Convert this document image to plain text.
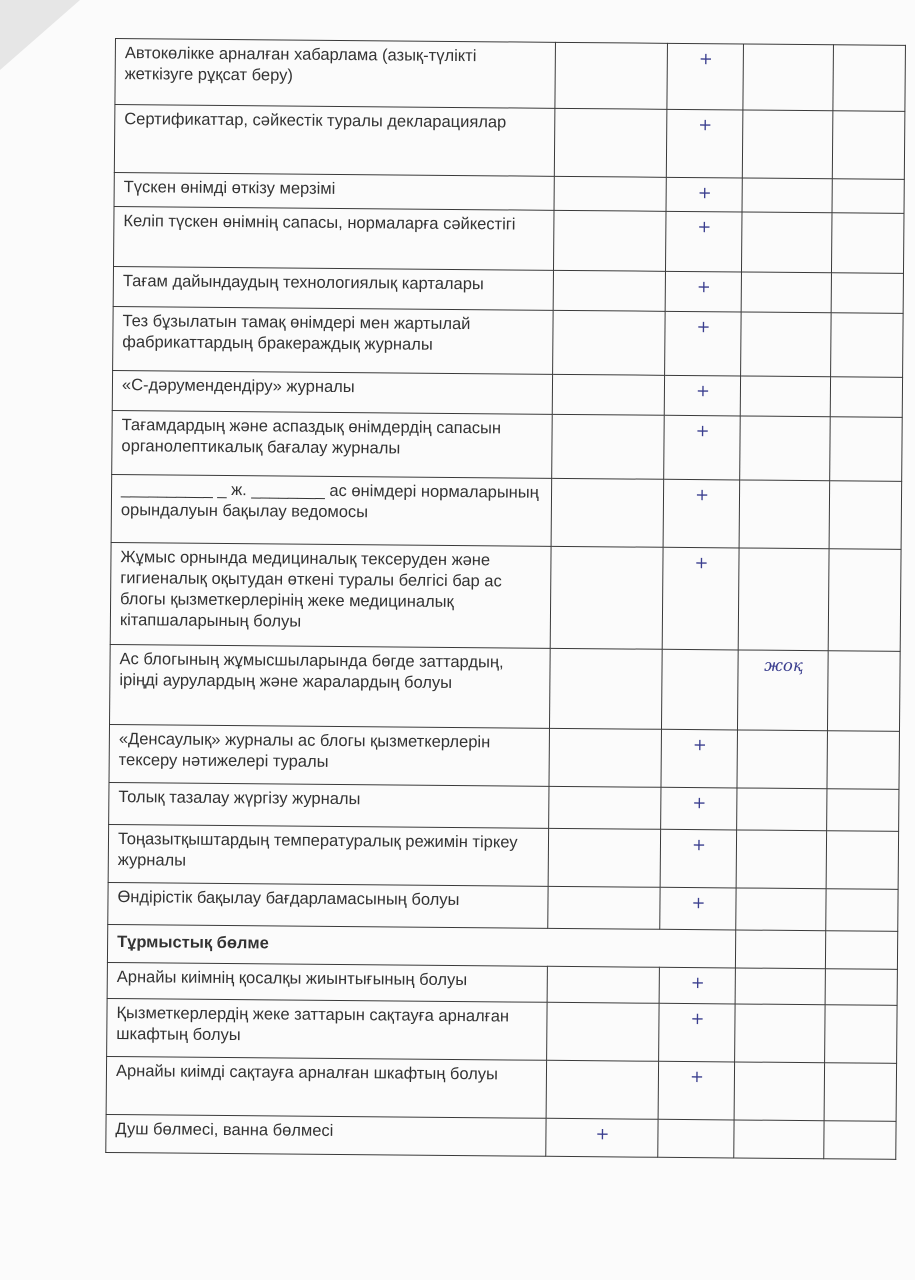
Автокөлікке арналған хабарлама (азық-түлікті жеткізуге рұқсат беру)		+		
Сертификаттар, сәйкестік туралы декларациялар		+		
Түскен өнімді өткізу мерзімі		+		
Келіп түскен өнімнің сапасы, нормаларға сәйкестігі		+		
Тағам дайындаудың технологиялық карталары		+		
Тез бұзылатын тамақ өнімдері мен жартылай фабрикаттардың бракераждық журналы		+		
«С-дәрумендендіру» журналы		+		
Тағамдардың және аспаздық өнімдердің сапасын органолептикалық бағалау журналы		+		
__________ _ ж. ________ ас өнімдері нормаларының орындалуын бақылау ведомосы		+		
Жұмыс орнында медициналық тексеруден және гигиеналық оқытудан өткені туралы белгісі бар ас блогы қызметкерлерінің жеке медициналық кітапшаларының болуы		+		
Ас блогының жұмысшыларында бөгде заттардың, іріңді аурулардың және жаралардың болуы			жоқ	
«Денсаулық» журналы ас блогы қызметкерлерін тексеру нәтижелері туралы		+		
Толық тазалау жүргізу журналы		+		
Тоңазытқыштардың температуралық режимін тіркеу журналы		+		
Өндірістік бақылау бағдарламасының болуы		+		
Тұрмыстық бөлме				
Арнайы киімнің қосалқы жиынтығының болуы		+		
Қызметкерлердің жеке заттарын сақтауға арналған шкафтың болуы		+		
Арнайы киімді сақтауға арналған шкафтың болуы		+		
Душ бөлмесі, ванна бөлмесі	+			
